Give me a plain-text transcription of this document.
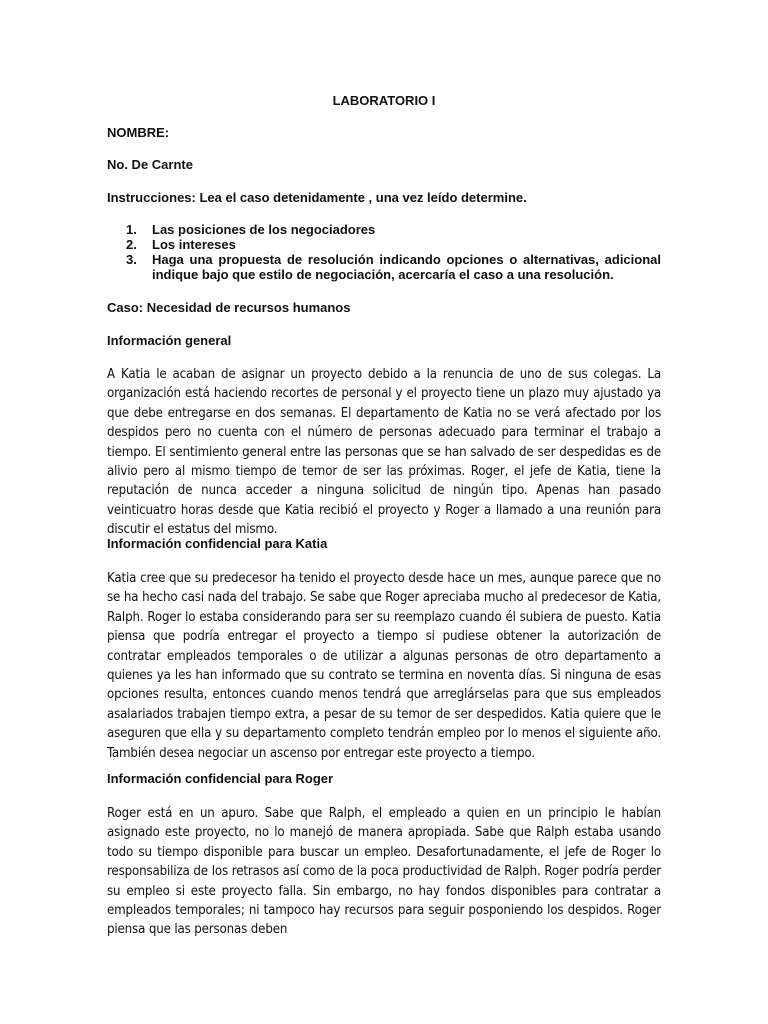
LABORATORIO I
NOMBRE:
No. De Carnte
Instrucciones: Lea el caso detenidamente , una vez leído determine.
1. Las posiciones de los negociadores
2. Los intereses
3. Haga una propuesta de resolución indicando opciones o alternativas, adicional indique bajo que estilo de negociación, acercaría el caso a una resolución.
Caso: Necesidad de recursos humanos
Información general
A Katia le acaban de asignar un proyecto debido a la renuncia de uno de sus colegas. La organización está haciendo recortes de personal y el proyecto tiene un plazo muy ajustado ya que debe entregarse en dos semanas. El departamento de Katia no se verá afectado por los despidos pero no cuenta con el número de personas adecuado para terminar el trabajo a tiempo. El sentimiento general entre las personas que se han salvado de ser despedidas es de alivio pero al mismo tiempo de temor de ser las próximas. Roger, el jefe de Katia, tiene la reputación de nunca acceder a ninguna solicitud de ningún tipo. Apenas han pasado veinticuatro horas desde que Katia recibió el proyecto y Roger a llamado a una reunión para discutir el estatus del mismo.
Información confidencial para Katia
Katia cree que su predecesor ha tenido el proyecto desde hace un mes, aunque parece que no se ha hecho casi nada del trabajo. Se sabe que Roger apreciaba mucho al predecesor de Katia, Ralph. Roger lo estaba considerando para ser su reemplazo cuando él subiera de puesto. Katia piensa que podría entregar el proyecto a tiempo si pudiese obtener la autorización de contratar empleados temporales o de utilizar a algunas personas de otro departamento a quienes ya les han informado que su contrato se termina en noventa días. Si ninguna de esas opciones resulta, entonces cuando menos tendrá que arreglárselas para que sus empleados asalariados trabajen tiempo extra, a pesar de su temor de ser despedidos. Katia quiere que le aseguren que ella y su departamento completo tendrán empleo por lo menos el siguiente año. También desea negociar un ascenso por entregar este proyecto a tiempo.
Información confidencial para Roger
Roger está en un apuro. Sabe que Ralph, el empleado a quien en un principio le habían asignado este proyecto, no lo manejó de manera apropiada. Sabe que Ralph estaba usando todo su tiempo disponible para buscar un empleo. Desafortunadamente, el jefe de Roger lo responsabiliza de los retrasos así como de la poca productividad de Ralph. Roger podría perder su empleo si este proyecto falla. Sin embargo, no hay fondos disponibles para contratar a empleados temporales; ni tampoco hay recursos para seguir posponiendo los despidos. Roger piensa que las personas deben
